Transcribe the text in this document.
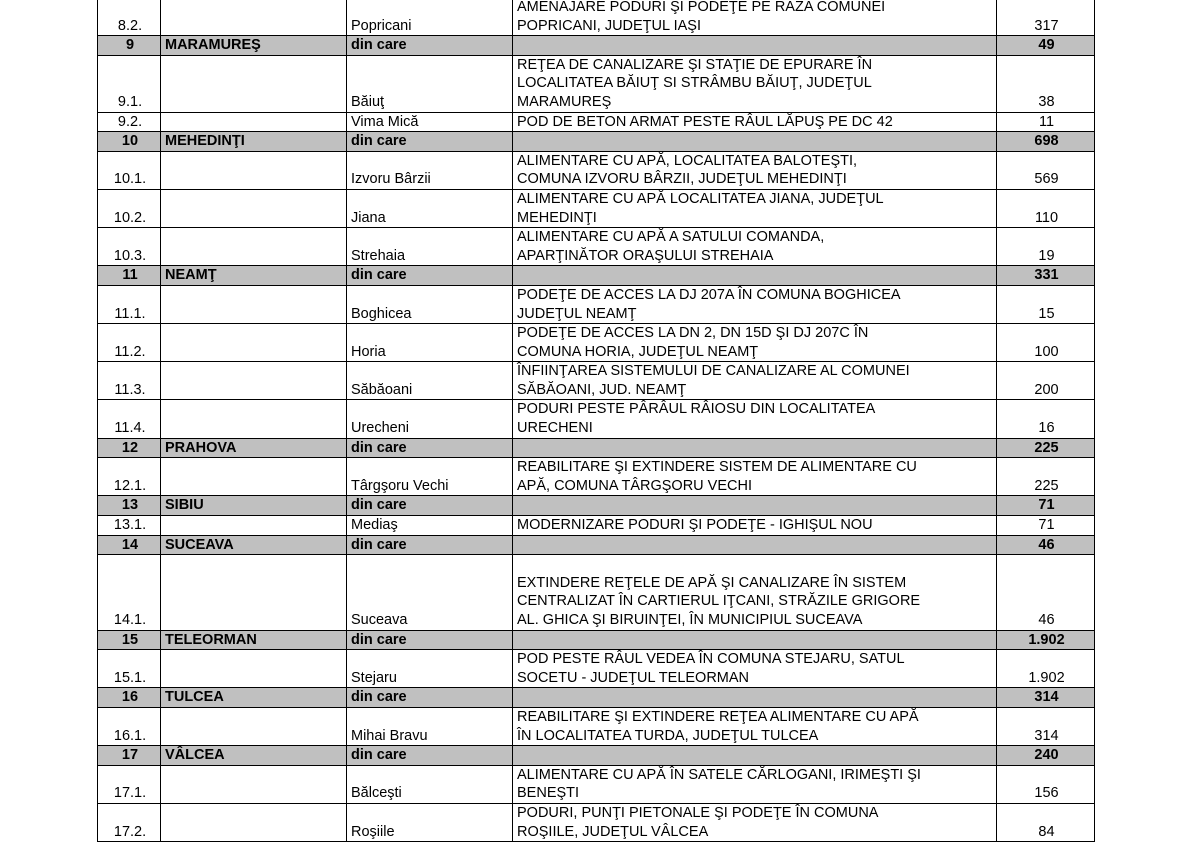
8.2.		Popricani	AMENAJARE PODURI ŞI PODEŢE PE RAZA COMUNEI
POPRICANI, JUDEŢUL IAŞI	317
9	MARAMUREŞ	din care		49
9.1.		Băiuţ	REŢEA DE CANALIZARE ŞI STAŢIE DE EPURARE ÎN
LOCALITATEA BĂIUŢ SI STRÂMBU BĂIUŢ, JUDEŢUL
MARAMUREŞ	38
9.2.		Vima Mică	POD DE BETON ARMAT PESTE RÂUL LĂPUŞ PE DC 42	11
10	MEHEDINŢI	din care		698
10.1.		Izvoru Bârzii	ALIMENTARE CU APĂ, LOCALITATEA BALOTEŞTI,
COMUNA IZVORU BÂRZII, JUDEŢUL MEHEDINŢI	569
10.2.		Jiana	ALIMENTARE CU APĂ LOCALITATEA JIANA, JUDEŢUL
MEHEDINŢI	110
10.3.		Strehaia	ALIMENTARE CU APĂ A SATULUI COMANDA,
APARŢINĂTOR ORAŞULUI STREHAIA	19
11	NEAMŢ	din care		331
11.1.		Boghicea	PODEŢE DE ACCES LA DJ 207A ÎN COMUNA BOGHICEA
JUDEŢUL NEAMŢ	15
11.2.		Horia	PODEŢE DE ACCES LA DN 2, DN 15D ŞI DJ 207C ÎN
COMUNA HORIA, JUDEŢUL NEAMŢ	100
11.3.		Săbăoani	ÎNFIINŢAREA SISTEMULUI DE CANALIZARE AL COMUNEI
SĂBĂOANI, JUD. NEAMŢ	200
11.4.		Urecheni	PODURI PESTE PÂRÂUL RÂIOSU DIN LOCALITATEA
URECHENI	16
12	PRAHOVA	din care		225
12.1.		Târgşoru Vechi	REABILITARE ŞI EXTINDERE SISTEM DE ALIMENTARE CU
APĂ, COMUNA TÂRGŞORU VECHI	225
13	SIBIU	din care		71
13.1.		Mediaş	MODERNIZARE PODURI ŞI PODEŢE - IGHIŞUL NOU	71
14	SUCEAVA	din care		46
14.1.		Suceava	
EXTINDERE REŢELE DE APĂ ŞI CANALIZARE ÎN SISTEM
CENTRALIZAT ÎN CARTIERUL IŢCANI, STRĂZILE GRIGORE
AL. GHICA ŞI BIRUINŢEI, ÎN MUNICIPIUL SUCEAVA	46
15	TELEORMAN	din care		1.902
15.1.		Stejaru	POD PESTE RÂUL VEDEA ÎN COMUNA STEJARU, SATUL
SOCETU - JUDEŢUL TELEORMAN	1.902
16	TULCEA	din care		314
16.1.		Mihai Bravu	REABILITARE ŞI EXTINDERE REŢEA ALIMENTARE CU APĂ
ÎN LOCALITATEA TURDA, JUDEŢUL TULCEA	314
17	VÂLCEA	din care		240
17.1.		Bălceşti	ALIMENTARE CU APĂ ÎN SATELE CĂRLOGANI, IRIMEŞTI ŞI
BENEŞTI	156
17.2.		Roşiile	PODURI, PUNŢI PIETONALE ŞI PODEŢE ÎN COMUNA
ROŞIILE, JUDEŢUL VÂLCEA	84
